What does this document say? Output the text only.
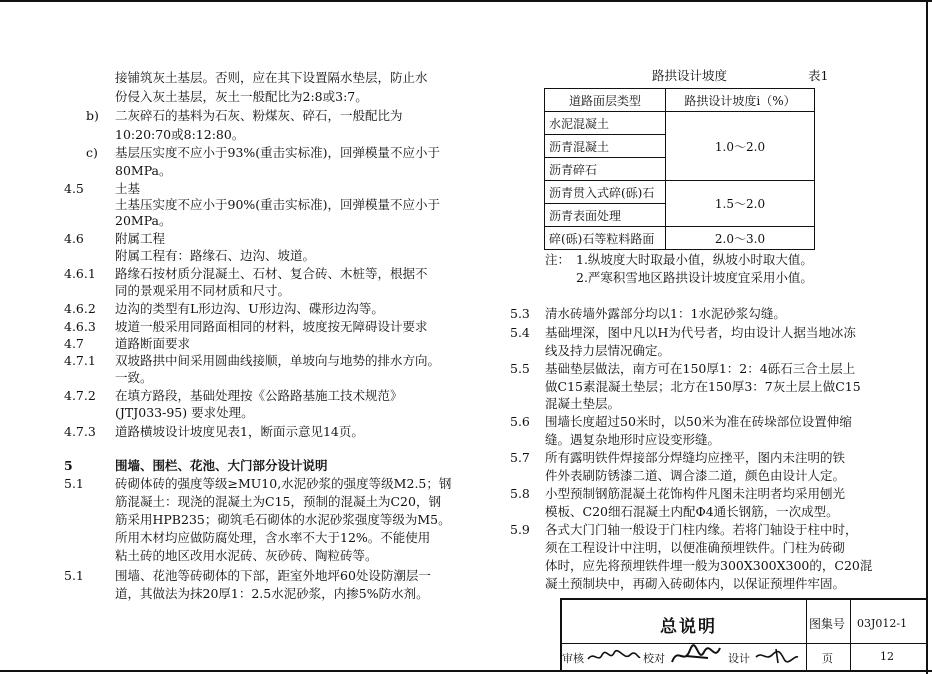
接铺筑灰土基层。否则，应在其下设置隔水垫层，防止水
份侵入灰土基层，灰土一般配比为2:8或3:7。
b) 二灰碎石的基料为石灰、粉煤灰、碎石，一般配比为
10:20:70或8:12:80。
c) 基层压实度不应小于93%(重击实标准)，回弹模量不应小于
80MPa。
4.5 土基
土基压实度不应小于90%(重击实标准)，回弹模量不应小于
20MPa。
4.6 附属工程
附属工程有：路缘石、边沟、坡道。
4.6.1 路缘石按材质分混凝土、石材、复合砖、木桩等，根据不
同的景观采用不同材质和尺寸。
4.6.2 边沟的类型有L形边沟、U形边沟、碟形边沟等。
4.6.3 坡道一般采用同路面相同的材料，坡度按无障碍设计要求
4.7 道路断面要求
4.7.1 双坡路拱中间采用圆曲线接顺，单坡向与地势的排水方向。
一致。
4.7.2 在填方路段，基础处理按《公路路基施工技术规范》
(JTJ033-95) 要求处理。
4.7.3 道路横坡设计坡度见表1，断面示意见14页。
5	围墙、围栏、花池、大门部分设计说明
5.1 砖砌体砖的强度等级≥MU10,水泥砂浆的强度等级M2.5；钢
筋混凝土：现浇的混凝土为C15，预制的混凝土为C20，钢
筋采用HPB235；砌筑毛石砌体的水泥砂浆强度等级为M5。
所用木材均应做防腐处理，含水率不大于12%。不能使用
粘土砖的地区改用水泥砖、灰砂砖、陶粒砖等。
5.1 围墙、花池等砖砌体的下部，距室外地坪60处设防潮层一
道，其做法为抹20厚1：2.5水泥砂浆，内掺5%防水剂。
路拱设计坡度	表1
道路面层类型	路拱设计坡度i（%）
水泥混凝土	1.0～2.0
沥青混凝土	
沥青碎石	
沥青贯入式碎(砾)石	1.5～2.0
沥青表面处理	
碎(砾)石等粒料路面	2.0～3.0
注： 1.纵坡度大时取最小值，纵坡小时取大值。
2.严寒积雪地区路拱设计坡度宜采用小值。
5.3 清水砖墙外露部分均以1：1水泥砂浆勾缝。
5.4 基础埋深，图中凡以H为代号者，均由设计人据当地冰冻
线及持力层情况确定。
5.5 基础垫层做法，南方可在150厚1：2：4砾石三合土层上
做C15素混凝土垫层；北方在150厚3：7灰土层上做C15
混凝土垫层。
5.6 围墙长度超过50米时，以50米为准在砖垛部位设置伸缩
缝。遇复杂地形时应设变形缝。
5.7 所有露明铁件焊接部分焊缝均应挫平，图内未注明的铁
件外表刷防锈漆二道、调合漆二道，颜色由设计人定。
5.8 小型预制钢筋混凝土花饰构件凡图未注明者均采用刨光
模板、C20细石混凝土内配Φ4通长钢筋，一次成型。
5.9 各式大门门轴一般设于门柱内缘。若将门轴设于柱中时，
须在工程设计中注明，以便准确预埋铁件。门柱为砖砌
体时，应先将预埋铁件埋一般为300X300X300的，C20混
凝土预制块中，再砌入砖砌体内，以保证预埋件牢固。
总说明	图集号 03J012-1
审核	校对	设计	页	12
